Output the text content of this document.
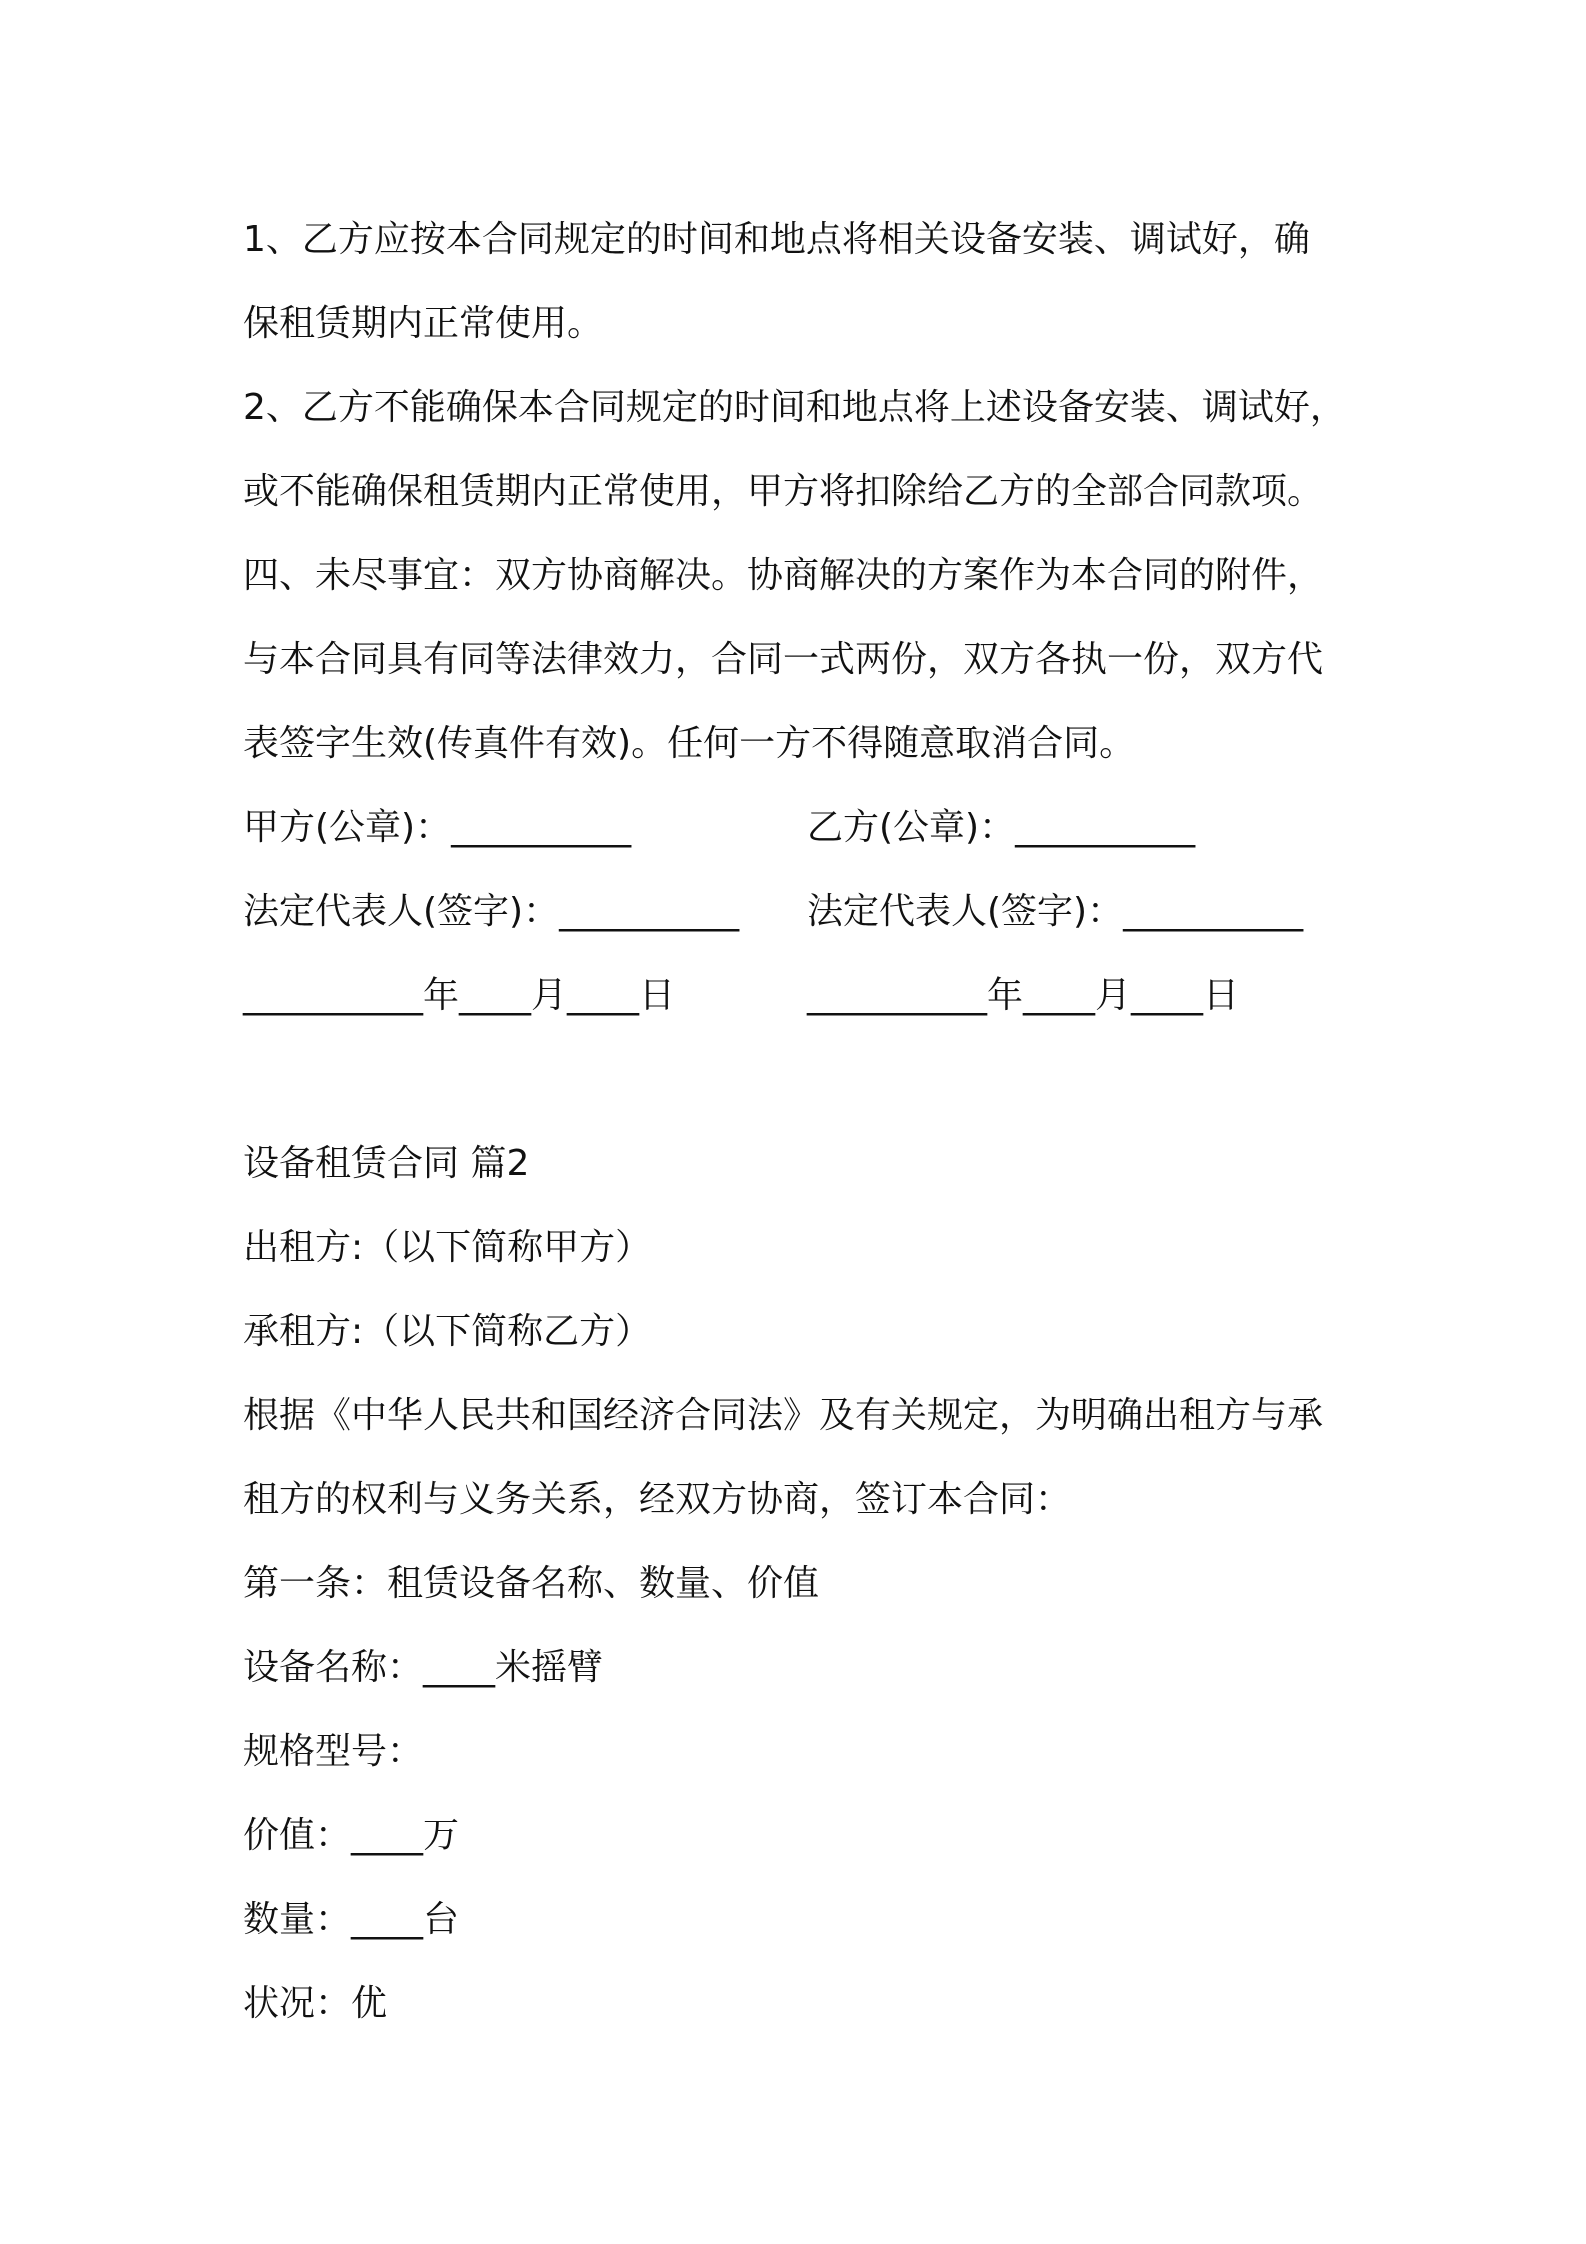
1、乙方应按本合同规定的时间和地点将相关设备安装、调试好，确
保租赁期内正常使用。
2、乙方不能确保本合同规定的时间和地点将上述设备安装、调试好，
或不能确保租赁期内正常使用，甲方将扣除给乙方的全部合同款项。
四、未尽事宜：双方协商解决。协商解决的方案作为本合同的附件，
与本合同具有同等法律效力，合同一式两份，双方各执一份，双方代
表签字生效(传真件有效)。任何一方不得随意取消合同。
甲方(公章)：__________	乙方(公章)：__________
法定代表人(签字)：__________	法定代表人(签字)：__________
__________年____月____日	__________年____月____日
设备租赁合同 篇2
出租方:（以下简称甲方）
承租方:（以下简称乙方）
根据《中华人民共和国经济合同法》及有关规定，为明确出租方与承
租方的权利与义务关系，经双方协商，签订本合同：
第一条：租赁设备名称、数量、价值
设备名称：____米摇臂
规格型号：
价值：____万
数量：____台
状况：优
